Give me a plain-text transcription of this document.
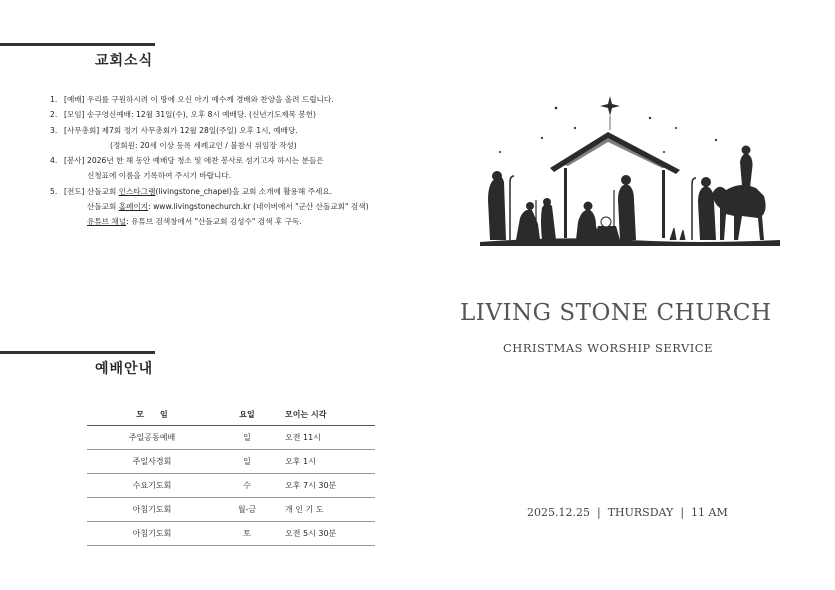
교회소식
1. [예배] 우리를 구원하시려 이 땅에 오신 아기 예수께 경배와 찬양을 올려 드립니다.
2. [모임] 송구영신예배: 12월 31일(수), 오후 8시 예배당. (신년기도제목 봉헌)
3. [사무총회] 제7회 정기 사무총회가 12월 28일(주일) 오후 1시, 예배당.
(정회원: 20세 이상 등록 세례교인 / 불참시 위임장 작성)
4. [봉사] 2026년 한 해 동안 예배당 청소 및 애찬 봉사로 섬기고자 하시는 분들은
신청표에 이름을 기록하여 주시기 바랍니다.
5. [전도] 산돌교회 인스타그램(livingstone_chapel)을 교회 소개에 활용해 주세요.
산돌교회 홈페이지: www.livingstonechurch.kr (네이버에서 "군산 산돌교회" 검색)
유튜브 채널: 유튜브 검색창에서 "산돌교회 김성수" 검색 후 구독.
예배안내
모　　임	요일	모이는 시각
주일공동예배	일	오전 11시
주일사경회	일	오후 1시
수요기도회	수	오후 7시 30분
아침기도회	월-금	개 인 기 도
아침기도회	토	오전 5시 30분
LIVING STONE CHURCH
CHRISTMAS WORSHIP SERVICE
2025.12.25 | THURSDAY | 11 AM
